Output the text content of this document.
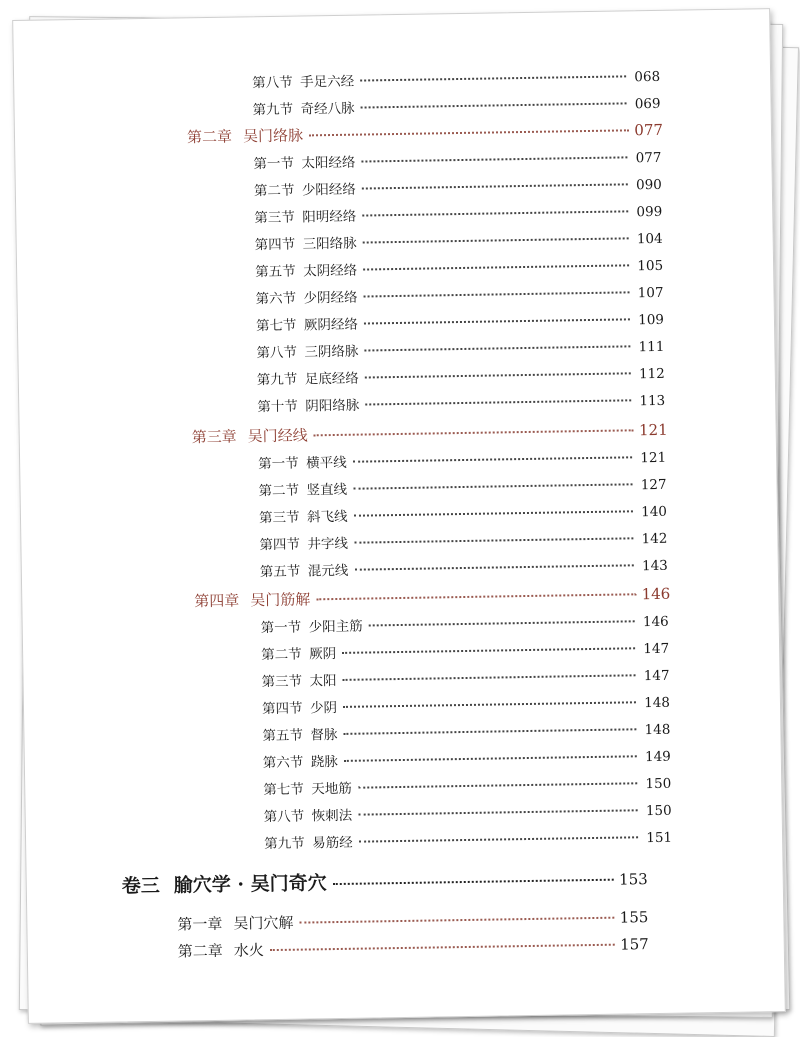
第八节 手足六经	068
第九节 奇经八脉	069
第二章 吴门络脉	077
第一节 太阳经络	077
第二节 少阳经络	090
第三节 阳明经络	099
第四节 三阳络脉	104
第五节 太阴经络	105
第六节 少阴经络	107
第七节 厥阴经络	109
第八节 三阴络脉	111
第九节 足底经络	112
第十节 阴阳络脉	113
第三章 吴门经线	121
第一节 横平线	121
第二节 竖直线	127
第三节 斜飞线	140
第四节 井字线	142
第五节 混元线	143
第四章 吴门筋解	146
第一节 少阳主筋	146
第二节 厥阴	147
第三节 太阳	147
第四节 少阴	148
第五节 督脉	148
第六节 跷脉	149
第七节 天地筋	150
第八节 恢刺法	150
第九节 易筋经	151
卷三 腧穴学 · 吴门奇穴	153
第一章 吴门穴解	155
第二章 水火	157
